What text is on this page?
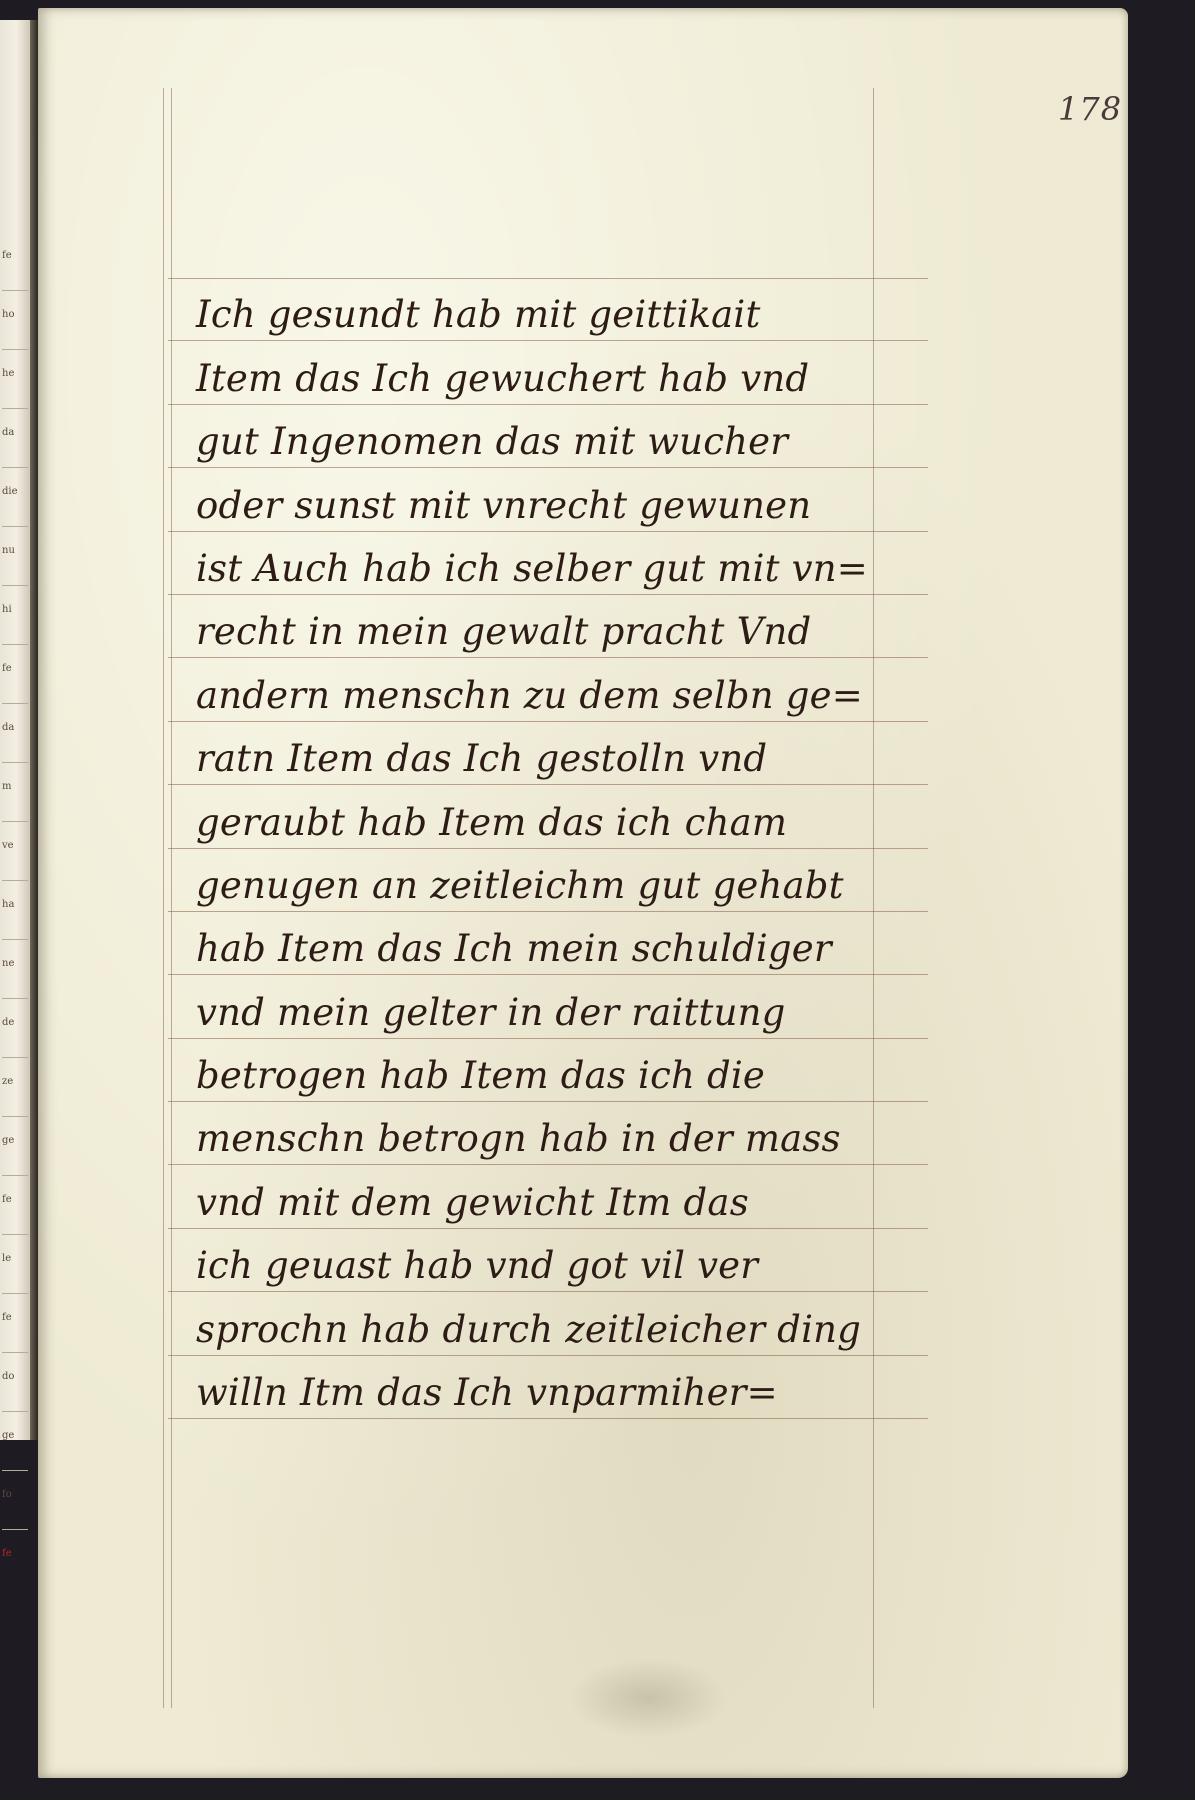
fe
ho
he
da
die
nu
hi
fe
da
m
ve
ha
ne
de
ze
ge
fe
le
fe
do
ge
fo
fe
178
Ich gesundt hab mit geittikait
Item das Ich gewuchert hab vnd
gut Ingenomen das mit wucher
oder sunst mit vnrecht gewunen
ist Auch hab ich selber gut mit vn=
recht in mein gewalt pracht Vnd
andern menschn zu dem selbn ge=
ratn Item das Ich gestolln vnd
geraubt hab Item das ich cham
genugen an zeitleichm gut gehabt
hab Item das Ich mein schuldiger
vnd mein gelter in der raittung
betrogen hab Item das ich die
menschn betrogn hab in der mass
vnd mit dem gewicht Itm das
ich geuast hab vnd got vil ver
sprochn hab durch zeitleicher ding
willn Itm das Ich vnparmiher=
